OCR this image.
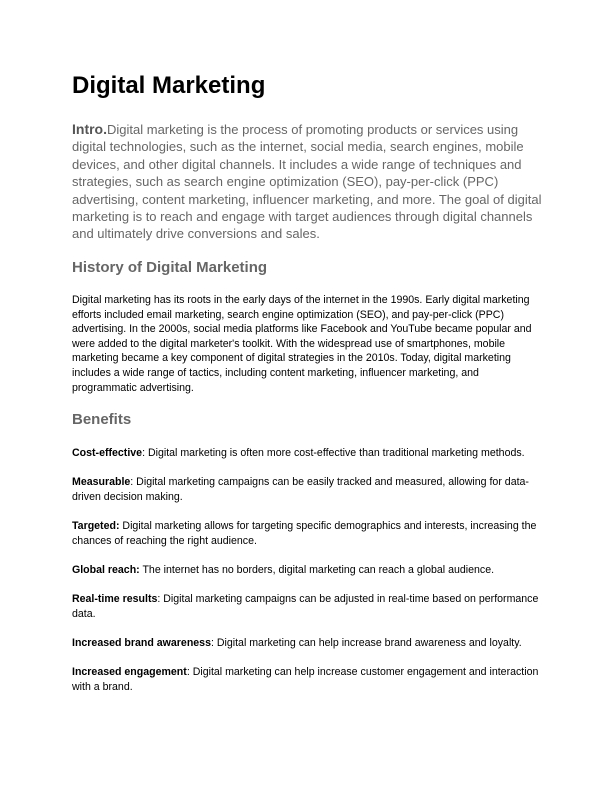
Digital Marketing

Intro.Digital marketing is the process of promoting products or services using digital technologies, such as the internet, social media, search engines, mobile devices, and other digital channels. It includes a wide range of techniques and strategies, such as search engine optimization (SEO), pay-per-click (PPC) advertising, content marketing, influencer marketing, and more. The goal of digital marketing is to reach and engage with target audiences through digital channels and ultimately drive conversions and sales.

History of Digital Marketing

Digital marketing has its roots in the early days of the internet in the 1990s. Early digital marketing efforts included email marketing, search engine optimization (SEO), and pay-per-click (PPC) advertising. In the 2000s, social media platforms like Facebook and YouTube became popular and were added to the digital marketer's toolkit. With the widespread use of smartphones, mobile marketing became a key component of digital strategies in the 2010s. Today, digital marketing includes a wide range of tactics, including content marketing, influencer marketing, and programmatic advertising.

Benefits

Cost-effective: Digital marketing is often more cost-effective than traditional marketing methods.

Measurable: Digital marketing campaigns can be easily tracked and measured, allowing for data-driven decision making.

Targeted: Digital marketing allows for targeting specific demographics and interests, increasing the chances of reaching the right audience.

Global reach: The internet has no borders, digital marketing can reach a global audience.

Real-time results: Digital marketing campaigns can be adjusted in real-time based on performance data.

Increased brand awareness: Digital marketing can help increase brand awareness and loyalty.

Increased engagement: Digital marketing can help increase customer engagement and interaction with a brand.
